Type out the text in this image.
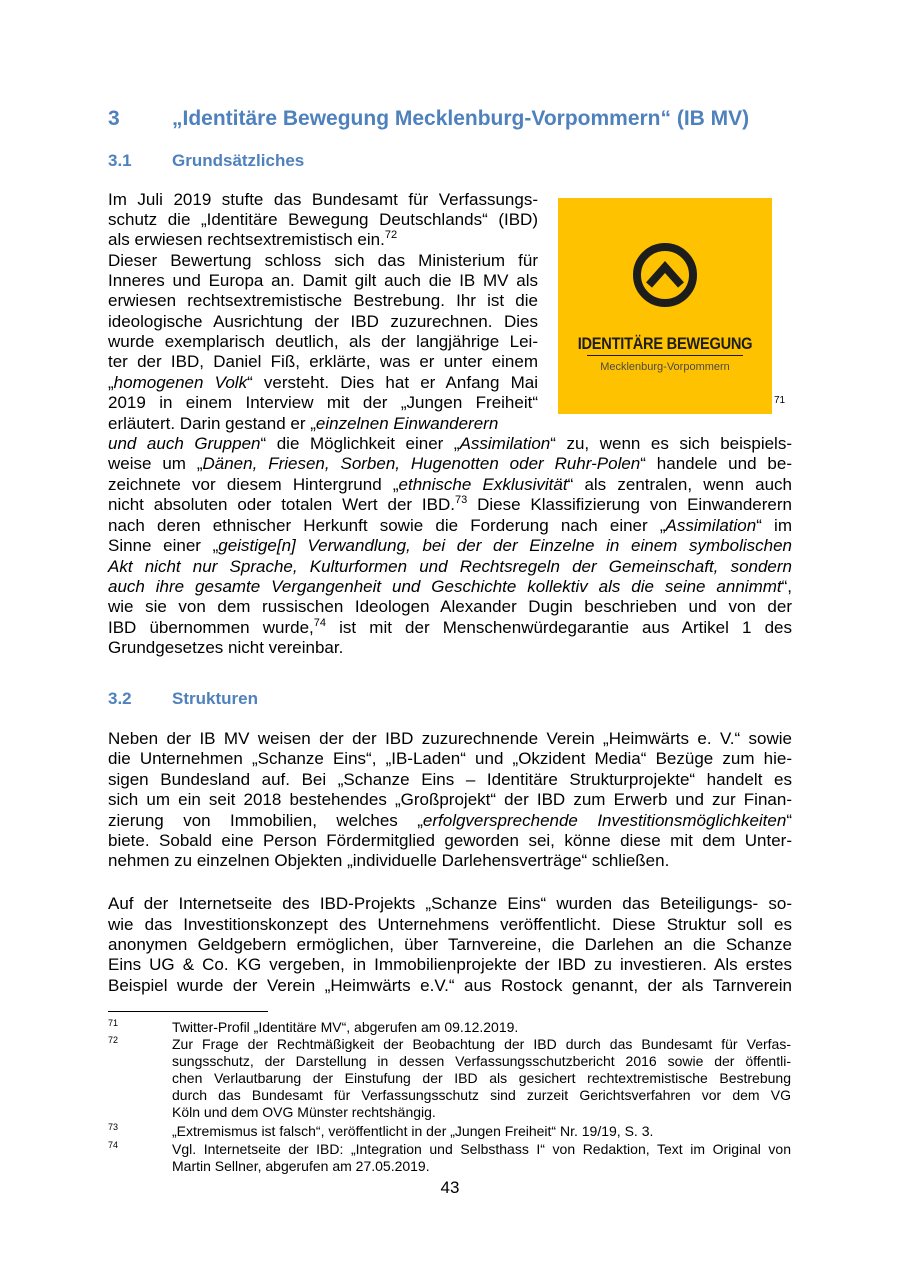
3 „Identitäre Bewegung Mecklenburg-Vorpommern“ (IB MV)
3.1 Grundsätzliches
IDENTITÄRE BEWEGUNG
Mecklenburg-Vorpommern
71
Im Juli 2019 stufte das Bundesamt für Verfassungs-
schutz die „Identitäre Bewegung Deutschlands“ (IBD)
als erwiesen rechtsextremistisch ein.$^{72}$
Dieser Bewertung schloss sich das Ministerium für
Inneres und Europa an. Damit gilt auch die IB MV als
erwiesen rechtsextremistische Bestrebung. Ihr ist die
ideologische Ausrichtung der IBD zuzurechnen. Dies
wurde exemplarisch deutlich, als der langjährige Lei-
ter der IBD, Daniel Fiß, erklärte, was er unter einem
„homogenen Volk“ versteht. Dies hat er Anfang Mai
2019 in einem Interview mit der „Jungen Freiheit“
erläutert. Darin gestand er „einzelnen Einwanderern
und auch Gruppen“ die Möglichkeit einer „Assimilation“ zu, wenn es sich beispiels-
weise um „Dänen, Friesen, Sorben, Hugenotten oder Ruhr-Polen“ handele und be-
zeichnete vor diesem Hintergrund „ethnische Exklusivität“ als zentralen, wenn auch
nicht absoluten oder totalen Wert der IBD.$^{73}$ Diese Klassifizierung von Einwanderern
nach deren ethnischer Herkunft sowie die Forderung nach einer „Assimilation“ im
Sinne einer „geistige[n] Verwandlung, bei der der Einzelne in einem symbolischen
Akt nicht nur Sprache, Kulturformen und Rechtsregeln der Gemeinschaft, sondern
auch ihre gesamte Vergangenheit und Geschichte kollektiv als die seine annimmt“,
wie sie von dem russischen Ideologen Alexander Dugin beschrieben und von der
IBD übernommen wurde,$^{74}$ ist mit der Menschenwürdegarantie aus Artikel 1 des
Grundgesetzes nicht vereinbar.
3.2 Strukturen
Neben der IB MV weisen der der IBD zuzurechnende Verein „Heimwärts e. V.“ sowie
die Unternehmen „Schanze Eins“, „IB-Laden“ und „Okzident Media“ Bezüge zum hie-
sigen Bundesland auf. Bei „Schanze Eins – Identitäre Strukturprojekte“ handelt es
sich um ein seit 2018 bestehendes „Großprojekt“ der IBD zum Erwerb und zur Finan-
zierung von Immobilien, welches „erfolgversprechende Investitionsmöglichkeiten“
biete. Sobald eine Person Fördermitglied geworden sei, könne diese mit dem Unter-
nehmen zu einzelnen Objekten „individuelle Darlehensverträge“ schließen.
Auf der Internetseite des IBD-Projekts „Schanze Eins“ wurden das Beteiligungs- so-
wie das Investitionskonzept des Unternehmens veröffentlicht. Diese Struktur soll es
anonymen Geldgebern ermöglichen, über Tarnvereine, die Darlehen an die Schanze
Eins UG & Co. KG vergeben, in Immobilienprojekte der IBD zu investieren. Als erstes
Beispiel wurde der Verein „Heimwärts e.V.“ aus Rostock genannt, der als Tarnverein
71	Twitter-Profil „Identitäre MV“, abgerufen am 09.12.2019.
72	Zur Frage der Rechtmäßigkeit der Beobachtung der IBD durch das Bundesamt für Verfas-
sungsschutz, der Darstellung in dessen Verfassungsschutzbericht 2016 sowie der öffentli-
chen Verlautbarung der Einstufung der IBD als gesichert rechtextremistische Bestrebung
durch das Bundesamt für Verfassungsschutz sind zurzeit Gerichtsverfahren vor dem VG
Köln und dem OVG Münster rechtshängig.
73	„Extremismus ist falsch“, veröffentlicht in der „Jungen Freiheit“ Nr. 19/19, S. 3.
74	Vgl. Internetseite der IBD: „Integration und Selbsthass I“ von Redaktion, Text im Original von
Martin Sellner, abgerufen am 27.05.2019.
43
